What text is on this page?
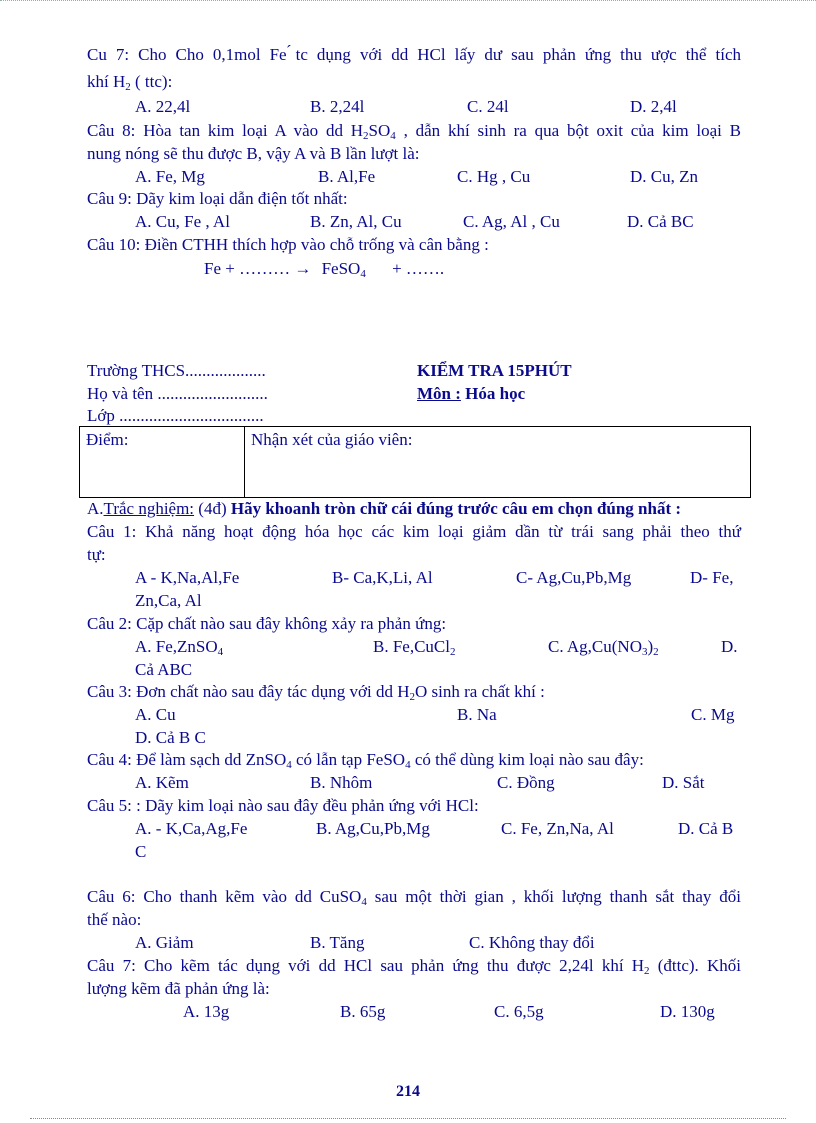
Cu 7: Cho Cho 0,1mol Fe ́tc dụng với dd HCl lấy dư sau phản ứng thu ược thể tích
khí $H_2$ ( ttc):
A. 22,4l	B. 2,24l	C. 24l	D. 2,4l
Câu 8: Hòa tan kim loại A vào dd $H_2SO_4$ , dẫn khí sinh ra qua bột oxit của kim loại B
nung nóng sẽ thu được B, vậy A và B lần lượt là:
A. Fe, Mg	B. Al,Fe	C. Hg , Cu	D. Cu, Zn
Câu 9: Dãy kim loại dẫn điện tốt nhất:
A. Cu, Fe , Al	B. Zn, Al, Cu	C. Ag, Al , Cu	D. Cả BC
Câu 10: Điền CTHH thích hợp vào chỗ trống và cân bằng :
Fe + ……… → FeSO$_4$ + …….
Trường THCS...................
Họ và tên ..........................
Lớp ..................................
KIỂM TRA 15PHÚT
Môn : Hóa học
Điểm:	Nhận xét của giáo viên:
A.Trắc nghiệm: (4đ) Hãy khoanh tròn chữ cái đúng trước câu em chọn đúng nhất :
Câu 1: Khả năng hoạt động hóa học các kim loại giảm dần từ trái sang phải theo thứ
tự:
A - K,Na,Al,Fe	B- Ca,K,Li, Al	C- Ag,Cu,Pb,Mg	D- Fe,
Zn,Ca, Al
Câu 2: Cặp chất nào sau đây không xảy ra phản ứng:
A. Fe,ZnSO$_4$	B. Fe,CuCl$_2$	C. $Ag,Cu(NO_3)_2$	D.
Cả ABC
Câu 3: Đơn chất nào sau đây tác dụng với dd $H_2O$ sinh ra chất khí :
A. Cu	B. Na	C. Mg
D. Cả B C
Câu 4: Để làm sạch dd ZnSO$_4$ có lẫn tạp FeSO$_4$ có thể dùng kim loại nào sau đây:
A. Kẽm	B. Nhôm	C. Đồng	D. Sắt
Câu 5: : Dãy kim loại nào sau đây đều phản ứng với HCl:
A. - K,Ca,Ag,Fe	B. Ag,Cu,Pb,Mg	C. Fe, Zn,Na, Al	D. Cả B
C
Câu 6: Cho thanh kẽm vào dd CuSO$_4$ sau một thời gian , khối lượng thanh sắt thay đổi
thế nào:
A. Giảm	B. Tăng	C. Không thay đổi
Câu 7: Cho kẽm tác dụng với dd HCl sau phản ứng thu được 2,24l khí $H_2$ (đttc). Khối
lượng kẽm đã phản ứng là:
A. 13g	B. 65g	C. 6,5g	D. 130g
214
